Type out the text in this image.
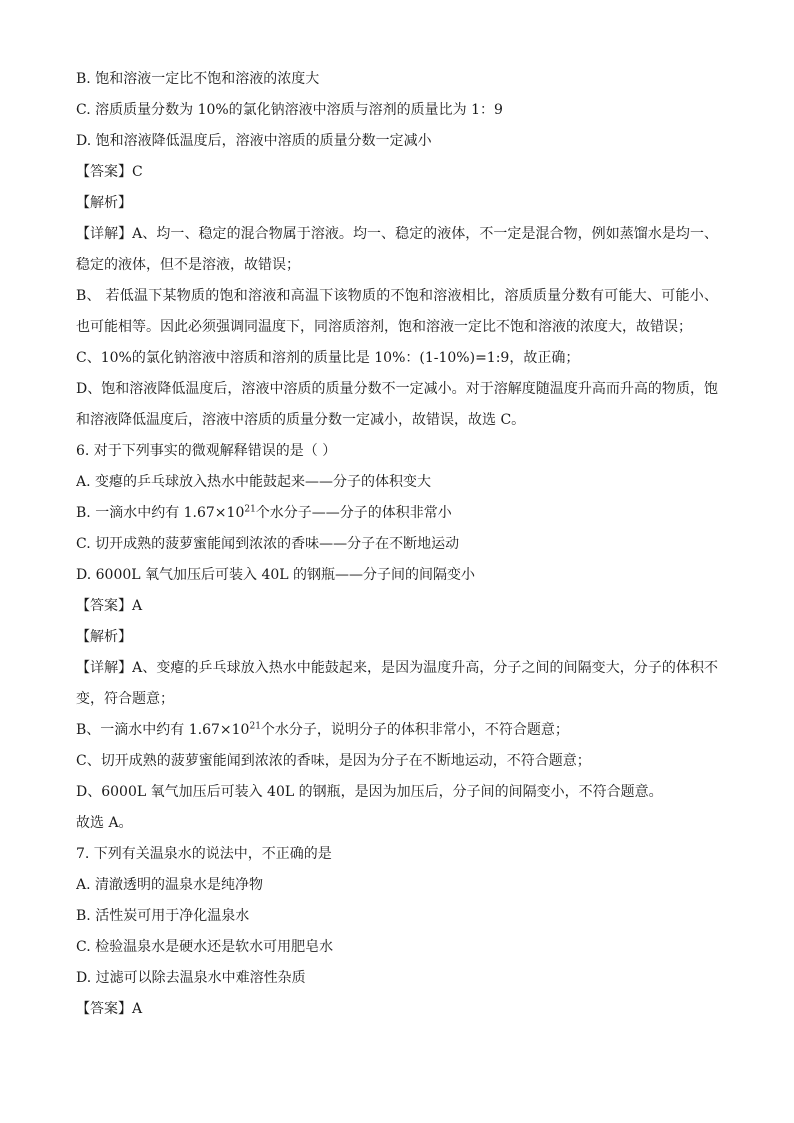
B. 饱和溶液一定比不饱和溶液的浓度大
C. 溶质质量分数为 10%的氯化钠溶液中溶质与溶剂的质量比为 1：9
D. 饱和溶液降低温度后，溶液中溶质的质量分数一定减小
【答案】C
【解析】
【详解】A、均一、稳定的混合物属于溶液。均一、稳定的液体，不一定是混合物，例如蒸馏水是均一、稳定的液体，但不是溶液，故错误；
B、 若低温下某物质的饱和溶液和高温下该物质的不饱和溶液相比，溶质质量分数有可能大、可能小、也可能相等。因此必须强调同温度下，同溶质溶剂，饱和溶液一定比不饱和溶液的浓度大，故错误；
C、10%的氯化钠溶液中溶质和溶剂的质量比是 10%：(1-10%)=1:9，故正确；
D、饱和溶液降低温度后，溶液中溶质的质量分数不一定减小。对于溶解度随温度升高而升高的物质，饱和溶液降低温度后，溶液中溶质的质量分数一定减小，故错误，故选 C。
6. 对于下列事实的微观解释错误的是（ ）
A. 变瘪的乒乓球放入热水中能鼓起来——分子的体积变大
B. 一滴水中约有 $1.67\times 10^{21}$个水分子——分子的体积非常小
C. 切开成熟的菠萝蜜能闻到浓浓的香味——分子在不断地运动
D. 6000L 氧气加压后可装入 40L 的钢瓶——分子间的间隔变小
【答案】A
【解析】
【详解】A、变瘪的乒乓球放入热水中能鼓起来，是因为温度升高，分子之间的间隔变大，分子的体积不变，符合题意；
B、一滴水中约有 $1.67\times 10^{21}$个水分子，说明分子的体积非常小，不符合题意；
C、切开成熟的菠萝蜜能闻到浓浓的香味，是因为分子在不断地运动，不符合题意；
D、6000L 氧气加压后可装入 40L 的钢瓶，是因为加压后，分子间的间隔变小，不符合题意。
故选 A。
7. 下列有关温泉水的说法中，不正确的是
A. 清澈透明的温泉水是纯净物
B. 活性炭可用于净化温泉水
C. 检验温泉水是硬水还是软水可用肥皂水
D. 过滤可以除去温泉水中难溶性杂质
【答案】A
